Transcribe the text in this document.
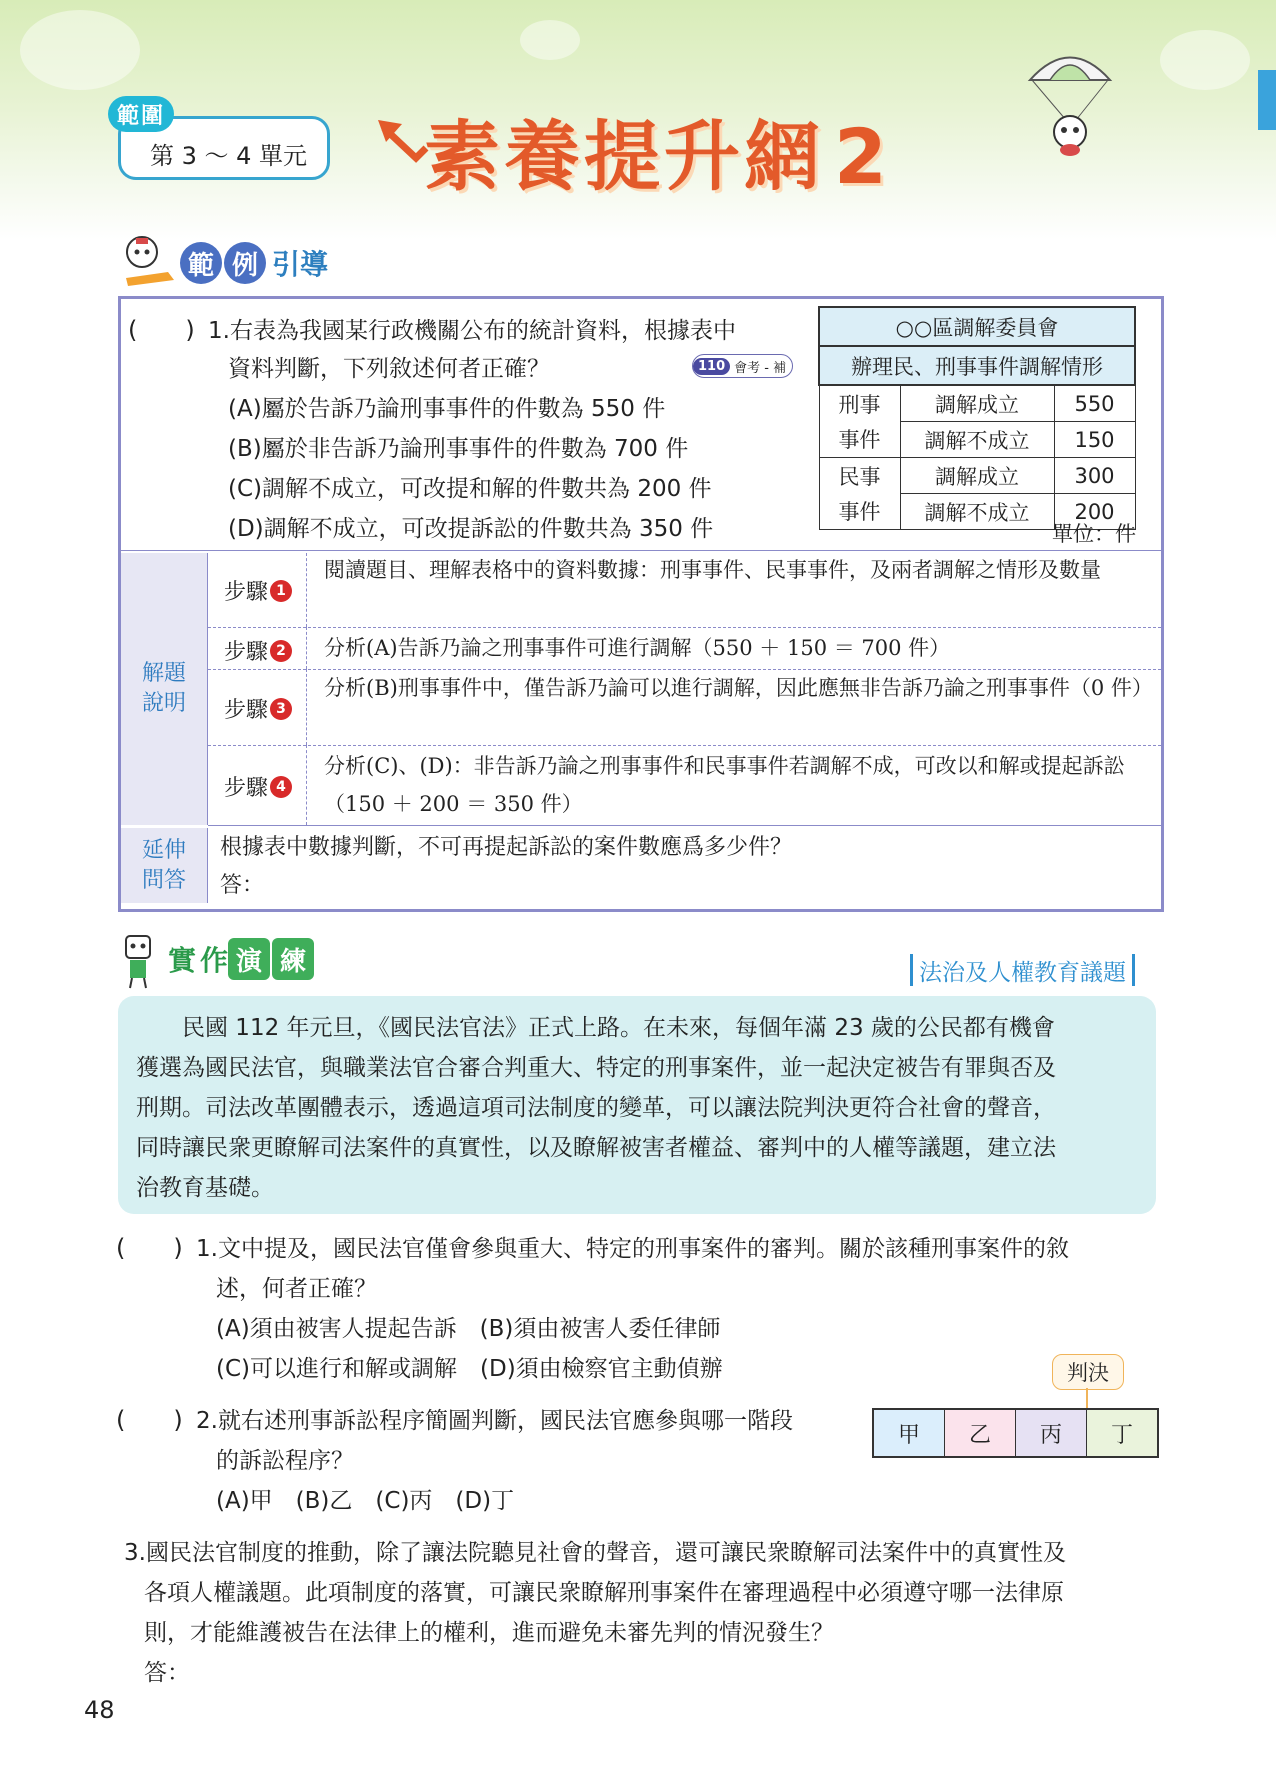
範圍
第 3 ～ 4 單元	素養提升網 2
範 例 引導
(　　) 1.右表為我國某行政機關公布的統計資料，根據表中
資料判斷，下列敘述何者正確？	110 會考 - 補
(A)屬於告訴乃論刑事事件的件數為 550 件
(B)屬於非告訴乃論刑事事件的件數為 700 件
(C)調解不成立，可改提和解的件數共為 200 件
(D)調解不成立，可改提訴訟的件數共為 350 件
○○區調解委員會		
辦理民、刑事事件調解情形		
刑事	調解成立	550
事件	調解不成立	150
民事	調解成立	300
事件	調解不成立	200
單位：件
解題
說明
步驟 1
閱讀題目、理解表格中的資料數據：刑事事件、民事事件，及兩者調解之情形及數量
步驟 2 分析(A)告訴乃論之刑事事件可進行調解（550 ＋ 150 ＝ 700 件）
步驟 3
分析(B)刑事事件中，僅告訴乃論可以進行調解，因此應無非告訴乃論之刑事事件（0 件）
步驟 4
分析(C)、(D)：非告訴乃論之刑事事件和民事事件若調解不成，可改以和解或提起訴訟（150 ＋ 200 ＝ 350 件）
延伸
問答
根據表中數據判斷，不可再提起訴訟的案件數應爲多少件？
答：
實 作 演 練	法治及人權教育議題

　　民國 112 年元旦，《國民法官法》正式上路。在未來，每個年滿 23 歲的公民都有機會

獲選為國民法官，與職業法官合審合判重大、特定的刑事案件，並一起決定被告有罪與否及

刑期。司法改革團體表示，透過這項司法制度的變革，可以讓法院判決更符合社會的聲音，

同時讓民衆更瞭解司法案件的真實性，以及瞭解被害者權益、審判中的人權等議題，建立法

治教育基礎。

(　　) 1.文中提及，國民法官僅會參與重大、特定的刑事案件的審判。關於該種刑事案件的敘
述，何者正確？
(A)須由被害人提起告訴　(B)須由被害人委任律師
(C)可以進行和解或調解　(D)須由檢察官主動偵辦
(　　) 2.就右述刑事訴訟程序簡圖判斷，國民法官應參與哪一階段
的訴訟程序？
(A)甲　(B)乙　(C)丙　(D)丁
判決
甲	乙	丙	丁
3.國民法官制度的推動，除了讓法院聽見社會的聲音，還可讓民衆瞭解司法案件中的真實性及
各項人權議題。此項制度的落實，可讓民衆瞭解刑事案件在審理過程中必須遵守哪一法律原
則，才能維護被告在法律上的權利，進而避免未審先判的情況發生？
答：
48
